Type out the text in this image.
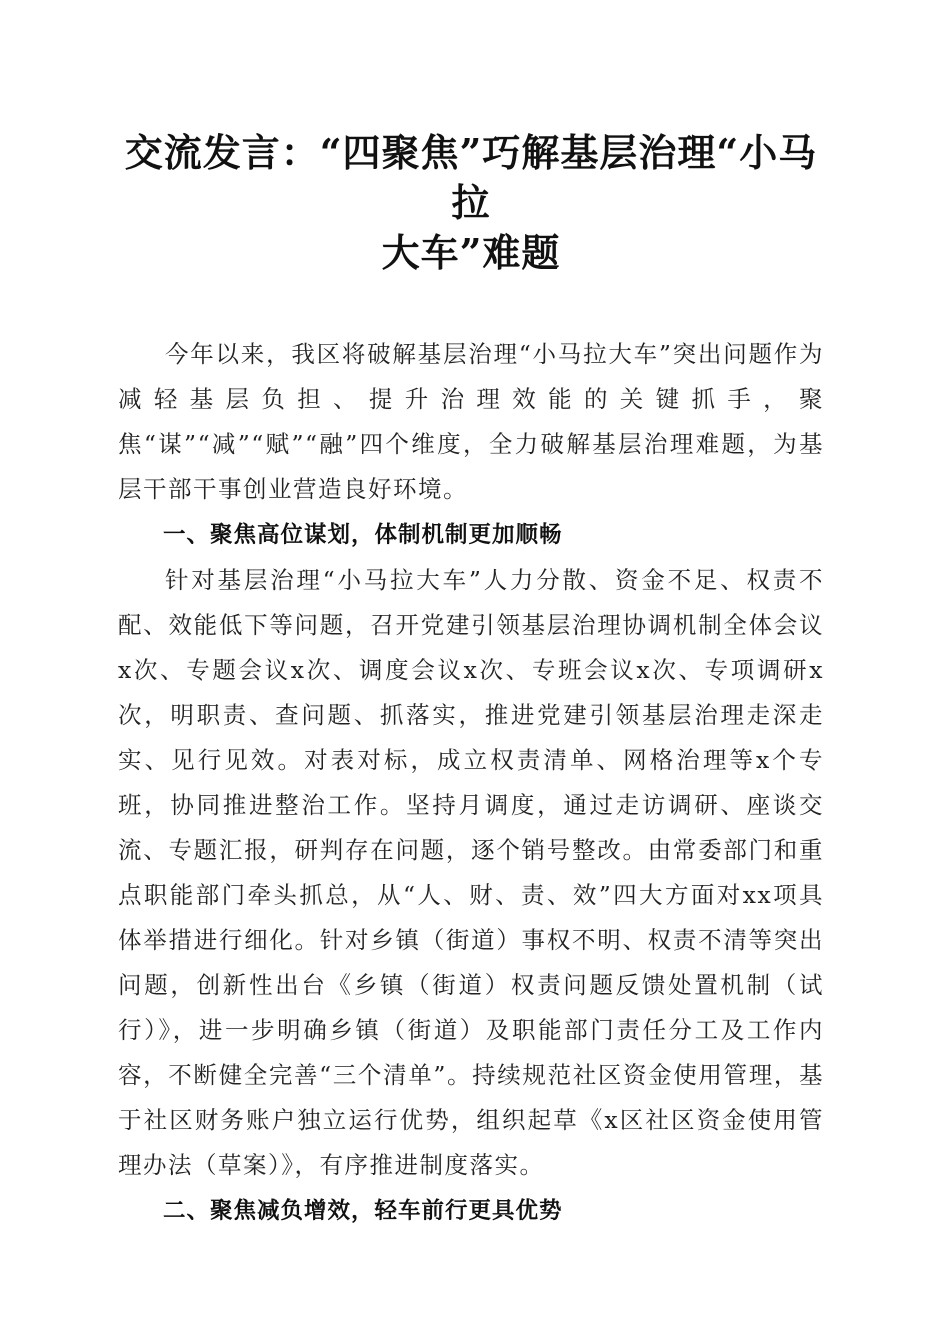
交流发言：“四聚焦”巧解基层治理“小马拉
大车”难题

今年以来，我区将破解基层治理“小马拉大车”突出问题作为减轻基层负担、提升治理效能的关键抓手，聚焦“谋”“减”“赋”“融”四个维度，全力破解基层治理难题，为基层干部干事创业营造良好环境。

一、聚焦高位谋划，体制机制更加顺畅

针对基层治理“小马拉大车”人力分散、资金不足、权责不配、效能低下等问题，召开党建引领基层治理协调机制全体会议x次、专题会议x次、调度会议x次、专班会议x次、专项调研x次，明职责、查问题、抓落实，推进党建引领基层治理走深走实、见行见效。对表对标，成立权责清单、网格治理等x个专班，协同推进整治工作。坚持月调度，通过走访调研、座谈交流、专题汇报，研判存在问题，逐个销号整改。由常委部门和重点职能部门牵头抓总，从“人、财、责、效”四大方面对xx项具体举措进行细化。针对乡镇（街道）事权不明、权责不清等突出问题，创新性出台《乡镇（街道）权责问题反馈处置机制（试行）》，进一步明确乡镇（街道）及职能部门责任分工及工作内容，不断健全完善“三个清单”。持续规范社区资金使用管理，基于社区财务账户独立运行优势，组织起草《x区社区资金使用管理办法（草案）》，有序推进制度落实。

二、聚焦减负增效，轻车前行更具优势
